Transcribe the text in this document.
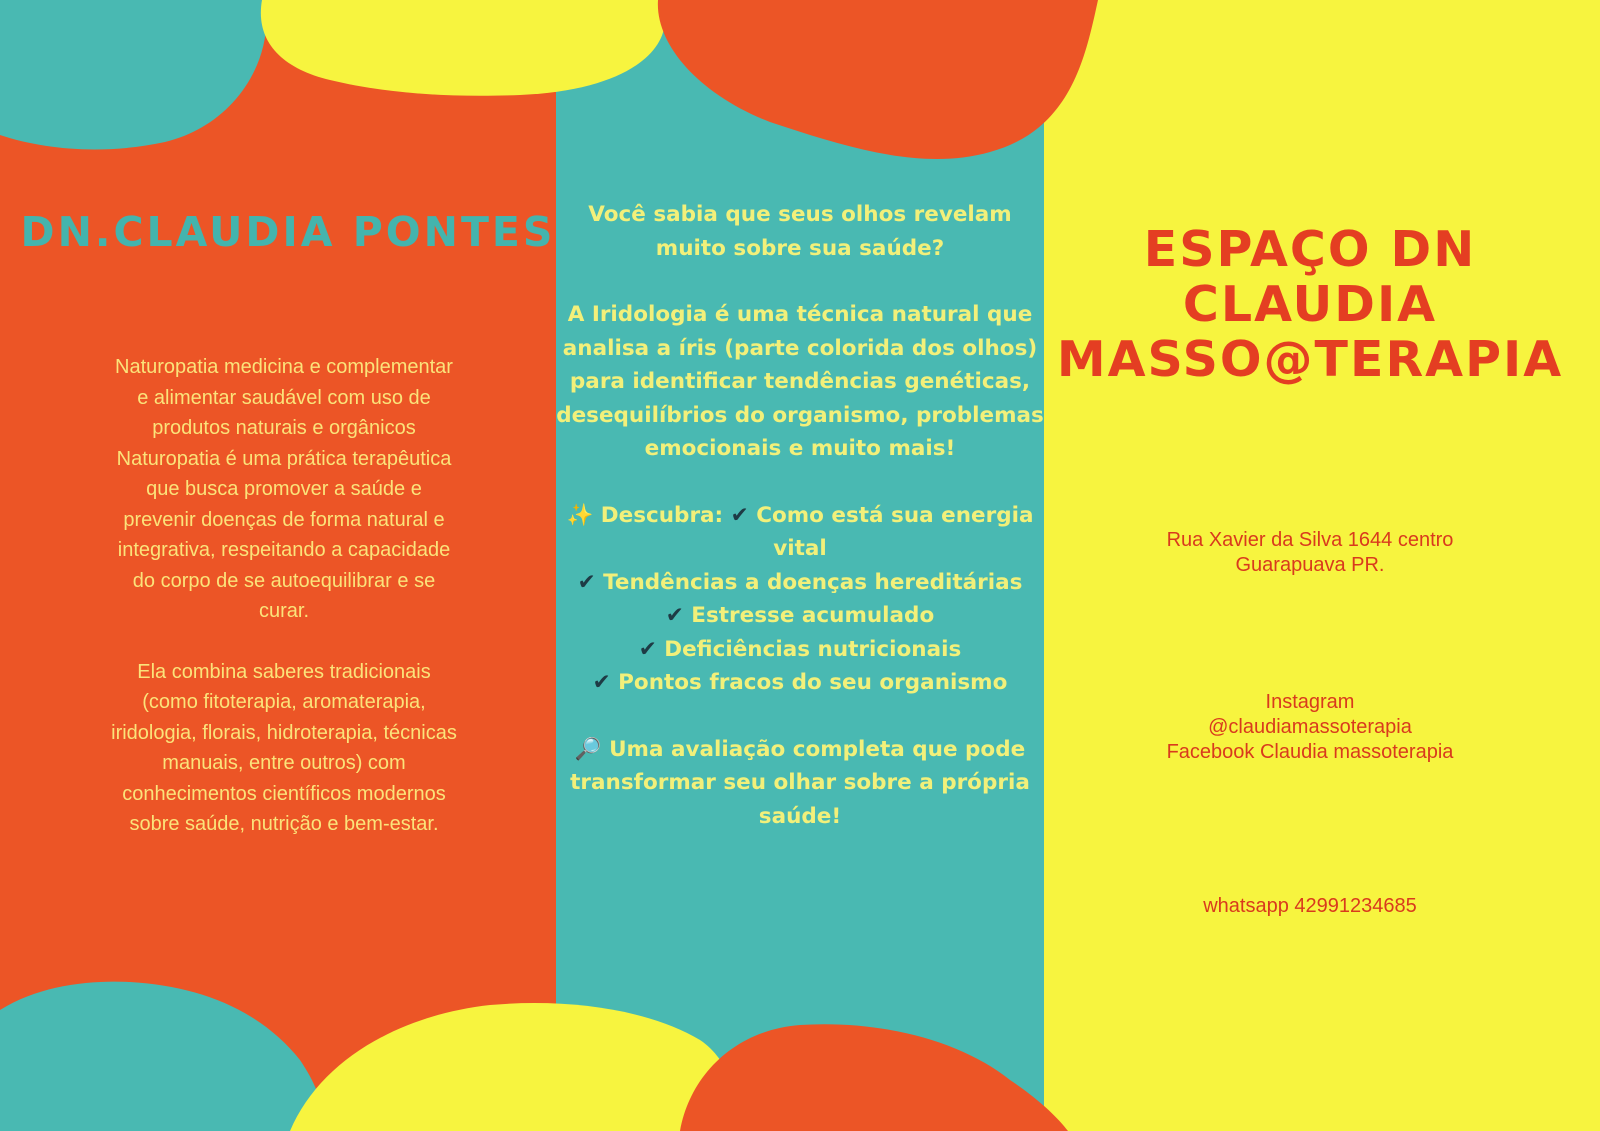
DN.CLAUDIA PONTES

Naturopatia medicina e complementar e alimentar saudável com uso de produtos naturais e orgânicos Naturopatia é uma prática terapêutica que busca promover a saúde e prevenir doenças de forma natural e integrativa, respeitando a capacidade do corpo de se autoequilibrar e se curar.

Ela combina saberes tradicionais (como fitoterapia, aromaterapia, iridologia, florais, hidroterapia, técnicas manuais, entre outros) com conhecimentos científicos modernos sobre saúde, nutrição e bem-estar.

Você sabia que seus olhos revelam muito sobre sua saúde?

A Iridologia é uma técnica natural que analisa a íris (parte colorida dos olhos) para identificar tendências genéticas, desequilíbrios do organismo, problemas emocionais e muito mais!

✨ Descubra: ✔ Como está sua energia vital

✔ Tendências a doenças hereditárias

✔ Estresse acumulado

✔ Deficiências nutricionais

✔ Pontos fracos do seu organismo

🔎 Uma avaliação completa que pode transformar seu olhar sobre a própria saúde!

ESPAÇO DN CLAUDIA MASSO@TERAPIA
Rua Xavier da Silva 1644 centro Guarapuava PR.
Instagram
@claudiamassoterapia
Facebook Claudia massoterapia
whatsapp 42991234685
